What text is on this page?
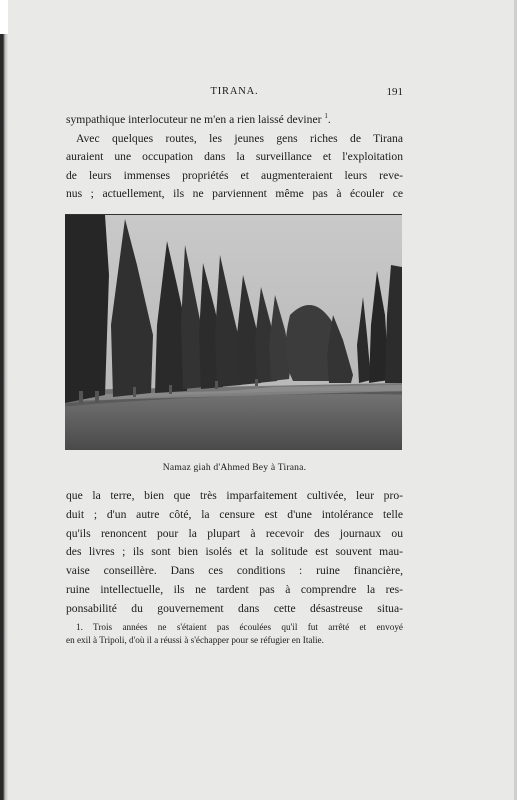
TIRANA.	191
sympathique interlocuteur ne m'en a rien laissé deviner $^1$.
Avec quelques routes, les jeunes gens riches de Tirana
auraient une occupation dans la surveillance et l'exploitation
de leurs immenses propriétés et augmenteraient leurs reve-
nus ; actuellement, ils ne parviennent même pas à écouler ce
Namaz giah d'Ahmed Bey à Tirana.
que la terre, bien que très imparfaitement cultivée, leur pro-
duit ; d'un autre côté, la censure est d'une intolérance telle
qu'ils renoncent pour la plupart à recevoir des journaux ou
des livres ; ils sont bien isolés et la solitude est souvent mau-
vaise conseillère. Dans ces conditions : ruine financière,
ruine intellectuelle, ils ne tardent pas à comprendre la res-
ponsabilité du gouvernement dans cette désastreuse situa-
1. Trois années ne s'étaient pas écoulées qu'il fut arrêté et envoyé
en exil à Tripoli, d'où il a réussi à s'échapper pour se réfugier en Italie.
